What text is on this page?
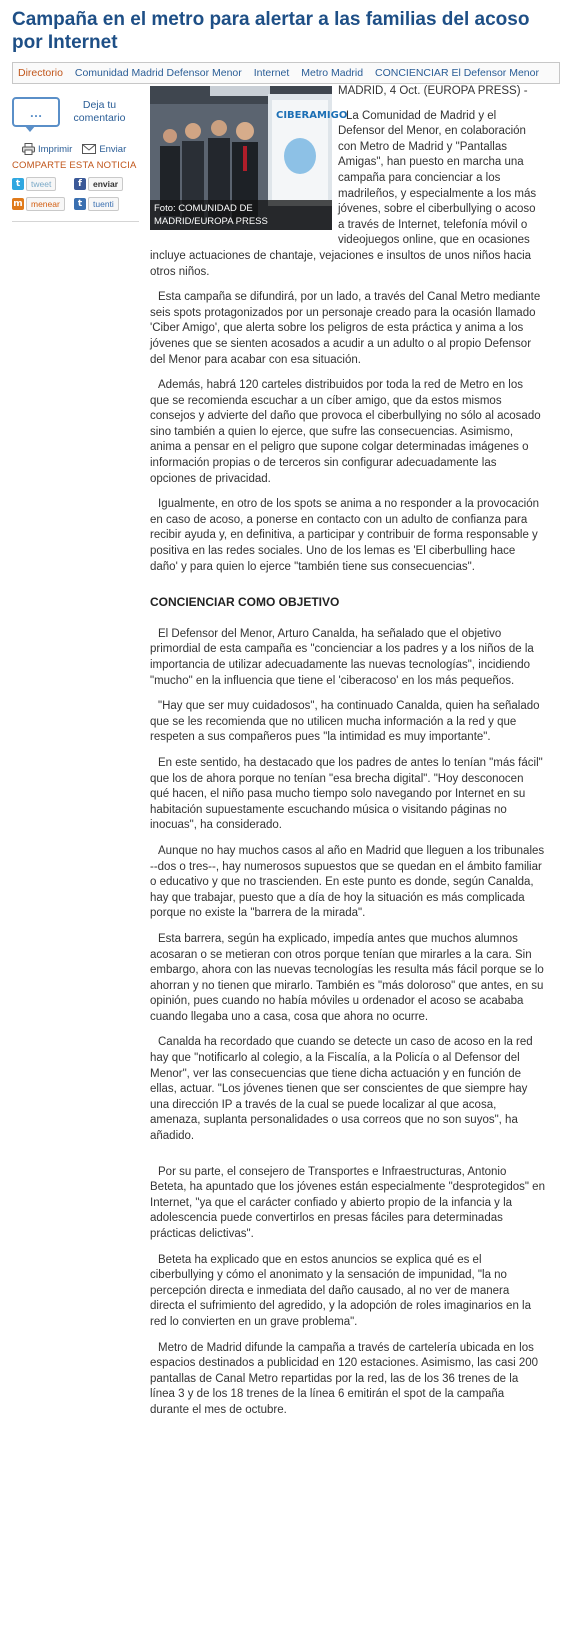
Campaña en el metro para alertar a las familias del acoso por Internet
Directorio Comunidad Madrid Defensor Menor Internet Metro Madrid CONCIENCIAR El Defensor Menor
…	Deja tu comentario
Imprimir	Enviar
COMPARTE ESTA NOTICIA
t	tweet	f	enviar
m menear	t	tuenti
CIBERAMIGO
Foto: COMUNIDAD DE MADRID/EUROPA PRESS

MADRID, 4 Oct. (EUROPA PRESS) -

La Comunidad de Madrid y el Defensor del Menor, en colaboración con Metro de Madrid y "Pantallas Amigas", han puesto en marcha una campaña para concienciar a los madrileños, y especialmente a los más jóvenes, sobre el ciberbullying o acoso a través de Internet, telefonía móvil o videojuegos online, que en ocasiones incluye actuaciones de chantaje, vejaciones e insultos de unos niños hacia otros niños.

Esta campaña se difundirá, por un lado, a través del Canal Metro mediante seis spots protagonizados por un personaje creado para la ocasión llamado 'Ciber Amigo', que alerta sobre los peligros de esta práctica y anima a los jóvenes que se sienten acosados a acudir a un adulto o al propio Defensor del Menor para acabar con esa situación.

Además, habrá 120 carteles distribuidos por toda la red de Metro en los que se recomienda escuchar a un cíber amigo, que da estos mismos consejos y advierte del daño que provoca el ciberbullying no sólo al acosado sino también a quien lo ejerce, que sufre las consecuencias. Asimismo, anima a pensar en el peligro que supone colgar determinadas imágenes o información propias o de terceros sin configurar adecuadamente las opciones de privacidad.

Igualmente, en otro de los spots se anima a no responder a la provocación en caso de acoso, a ponerse en contacto con un adulto de confianza para recibir ayuda y, en definitiva, a participar y contribuir de forma responsable y positiva en las redes sociales. Uno de los lemas es 'El ciberbulling hace daño' y para quien lo ejerce "también tiene sus consecuencias".

CONCIENCIAR COMO OBJETIVO

El Defensor del Menor, Arturo Canalda, ha señalado que el objetivo primordial de esta campaña es "concienciar a los padres y a los niños de la importancia de utilizar adecuadamente las nuevas tecnologías", incidiendo "mucho" en la influencia que tiene el 'ciberacoso' en los más pequeños.

"Hay que ser muy cuidadosos", ha continuado Canalda, quien ha señalado que se les recomienda que no utilicen mucha información a la red y que respeten a sus compañeros pues "la intimidad es muy importante".

En este sentido, ha destacado que los padres de antes lo tenían "más fácil" que los de ahora porque no tenían "esa brecha digital". "Hoy desconocen qué hacen, el niño pasa mucho tiempo solo navegando por Internet en su habitación supuestamente escuchando música o visitando páginas no inocuas", ha considerado.

Aunque no hay muchos casos al año en Madrid que lleguen a los tribunales --dos o tres--, hay numerosos supuestos que se quedan en el ámbito familiar o educativo y que no trascienden. En este punto es donde, según Canalda, hay que trabajar, puesto que a día de hoy la situación es más complicada porque no existe la "barrera de la mirada".

Esta barrera, según ha explicado, impedía antes que muchos alumnos acosaran o se metieran con otros porque tenían que mirarles a la cara. Sin embargo, ahora con las nuevas tecnologías les resulta más fácil porque se lo ahorran y no tienen que mirarlo. También es "más doloroso" que antes, en su opinión, pues cuando no había móviles u ordenador el acoso se acababa cuando llegaba uno a casa, cosa que ahora no ocurre.

Canalda ha recordado que cuando se detecte un caso de acoso en la red hay que "notificarlo al colegio, a la Fiscalía, a la Policía o al Defensor del Menor", ver las consecuencias que tiene dicha actuación y en función de ellas, actuar. "Los jóvenes tienen que ser conscientes de que siempre hay una dirección IP a través de la cual se puede localizar al que acosa, amenaza, suplanta personalidades o usa correos que no son suyos", ha añadido.

Por su parte, el consejero de Transportes e Infraestructuras, Antonio Beteta, ha apuntado que los jóvenes están especialmente "desprotegidos" en Internet, "ya que el carácter confiado y abierto propio de la infancia y la adolescencia puede convertirlos en presas fáciles para determinadas prácticas delictivas".

Beteta ha explicado que en estos anuncios se explica qué es el ciberbullying y cómo el anonimato y la sensación de impunidad, "la no percepción directa e inmediata del daño causado, al no ver de manera directa el sufrimiento del agredido, y la adopción de roles imaginarios en la red lo convierten en un grave problema".

Metro de Madrid difunde la campaña a través de cartelería ubicada en los espacios destinados a publicidad en 120 estaciones. Asimismo, las casi 200 pantallas de Canal Metro repartidas por la red, las de los 36 trenes de la línea 3 y de los 18 trenes de la línea 6 emitirán el spot de la campaña durante el mes de octubre.
